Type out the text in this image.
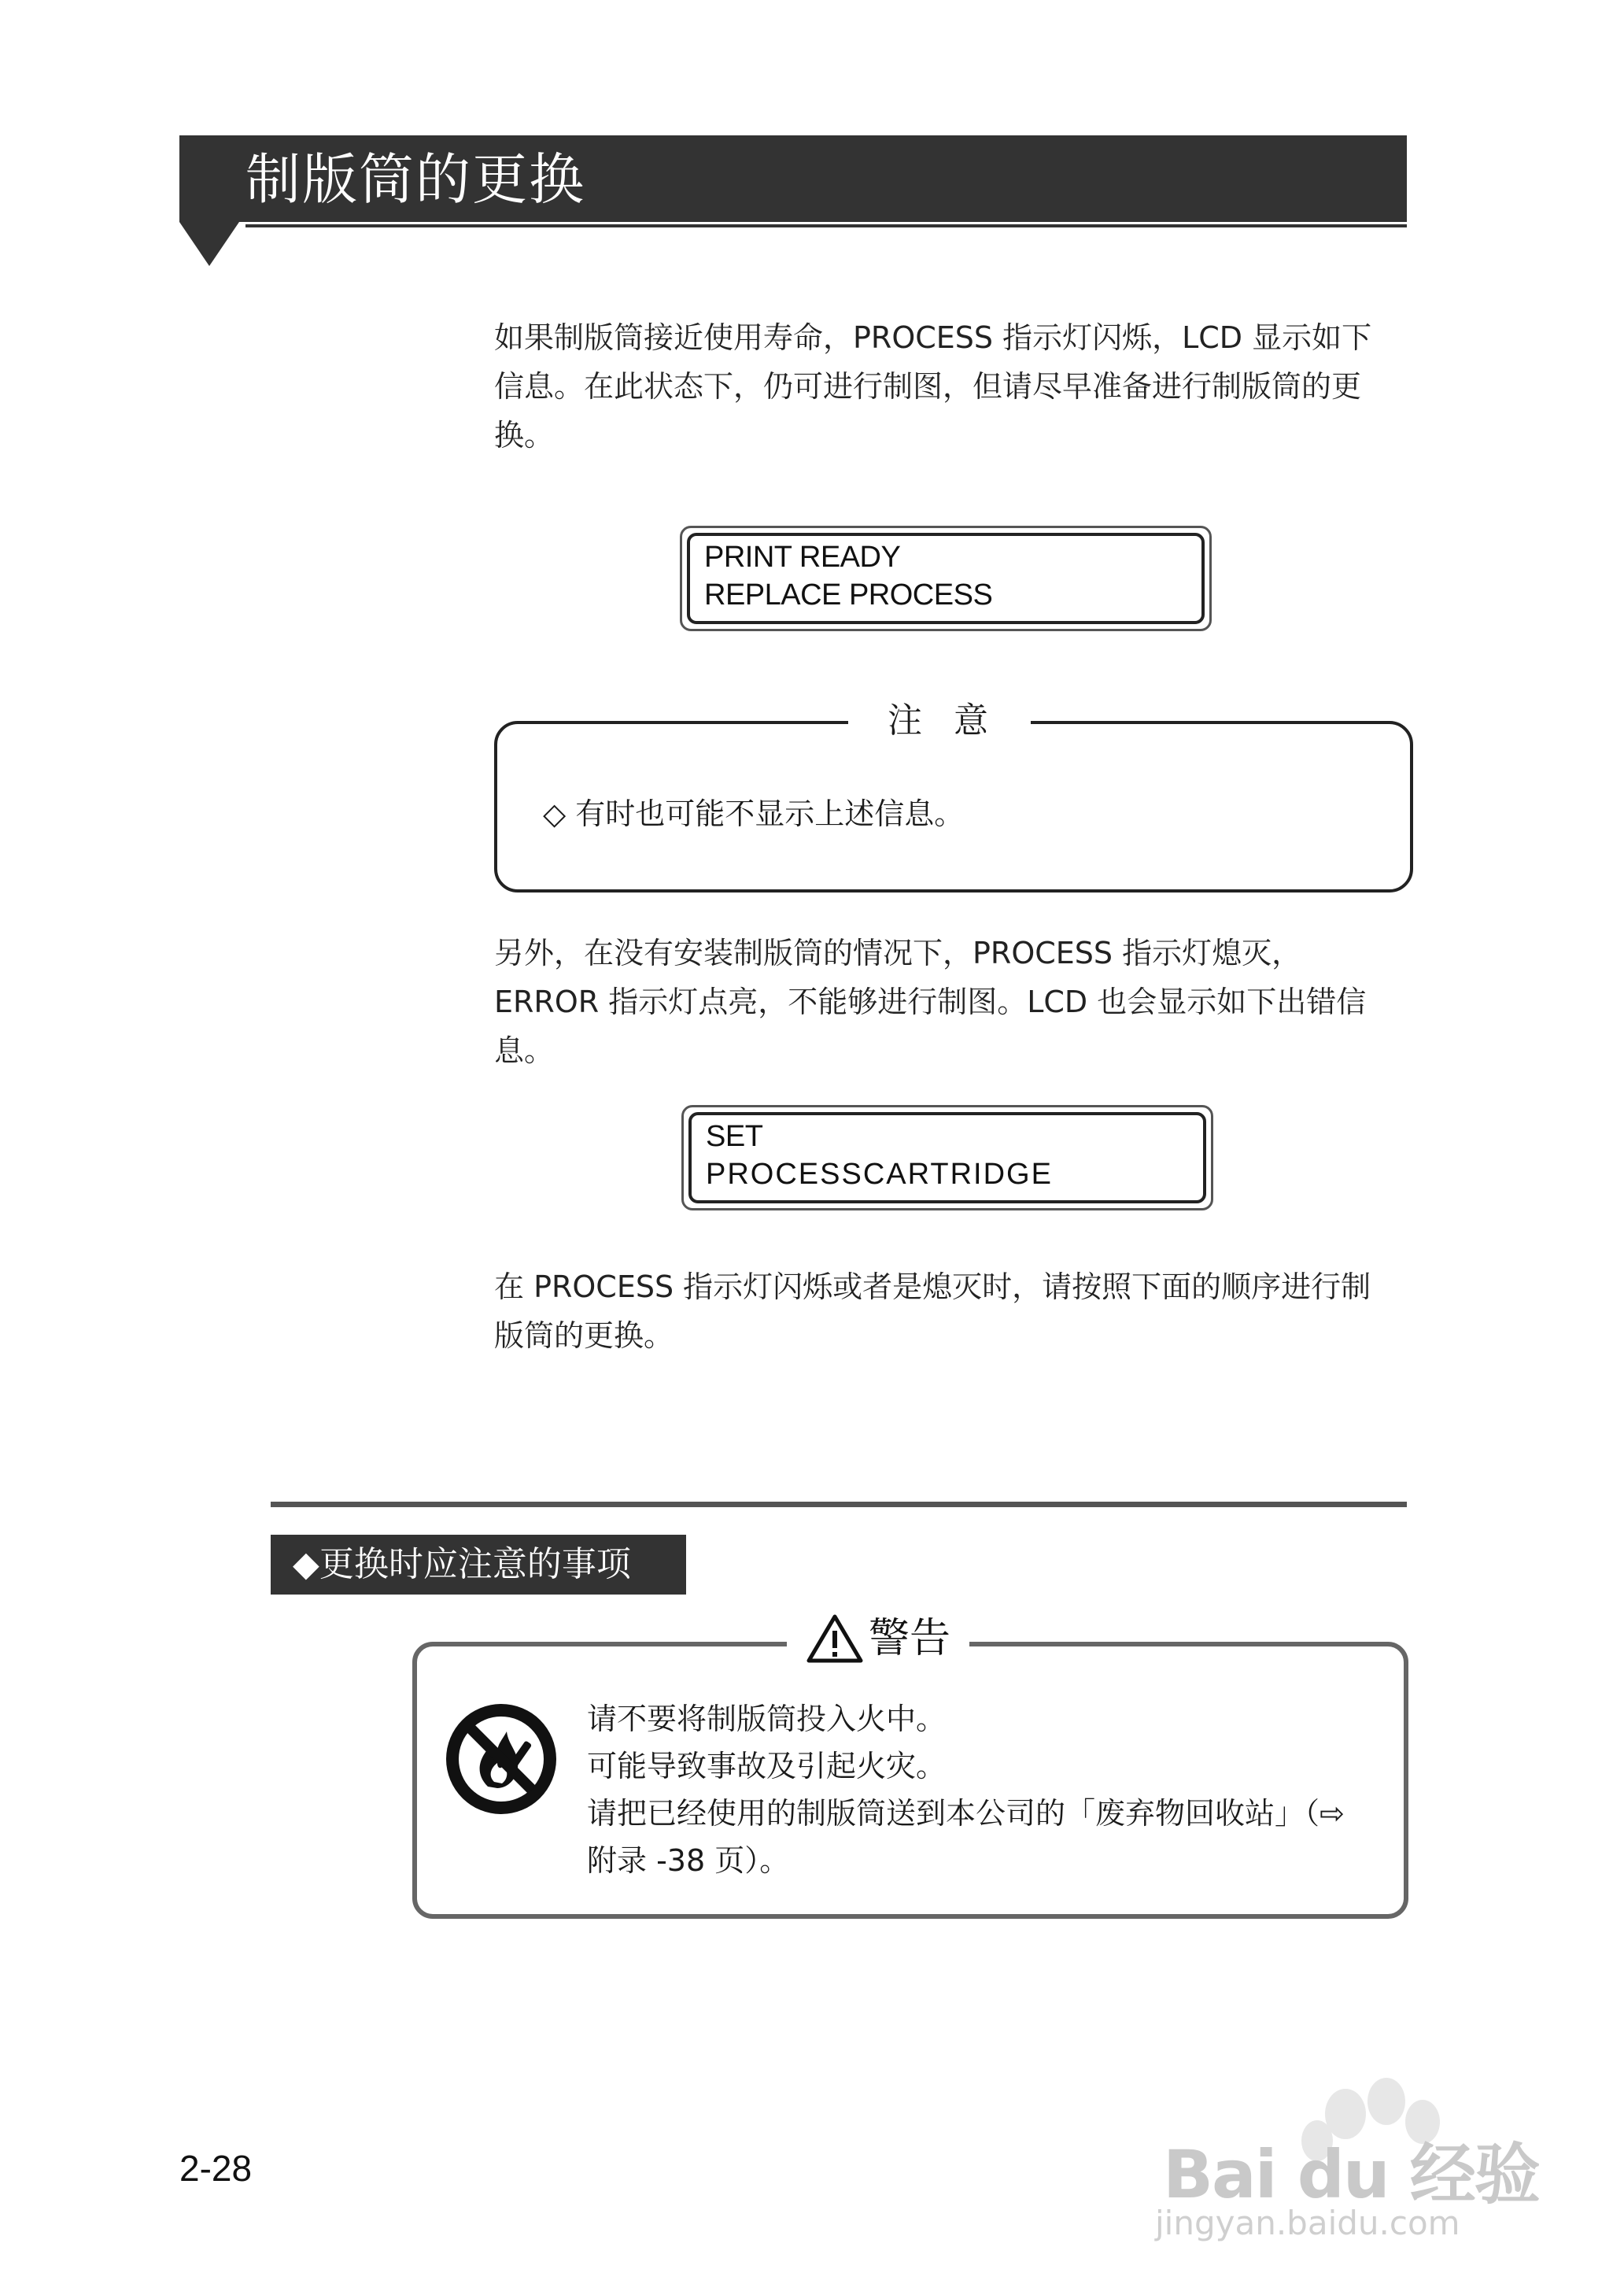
制版筒的更换
如果制版筒接近使用寿命，PROCESS 指示灯闪烁，LCD 显示如下
信息。在此状态下，仍可进行制图，但请尽早准备进行制版筒的更
换。
PRINT READY
REPLACE PROCESS
注意
◇ 有时也可能不显示上述信息。
另外，在没有安装制版筒的情况下，PROCESS 指示灯熄灭，
ERROR 指示灯点亮，不能够进行制图。LCD 也会显示如下出错信
息。
SET
PROCESSCARTRIDGE
在 PROCESS 指示灯闪烁或者是熄灭时，请按照下面的顺序进行制
版筒的更换。
◆更换时应注意的事项
警告
请不要将制版筒投入火中。
可能导致事故及引起火灾。
请把已经使用的制版筒送到本公司的「废弃物回收站」（⇨
附录 -38 页）。
2-28	Bai du 经验
jingyan.baidu.com
